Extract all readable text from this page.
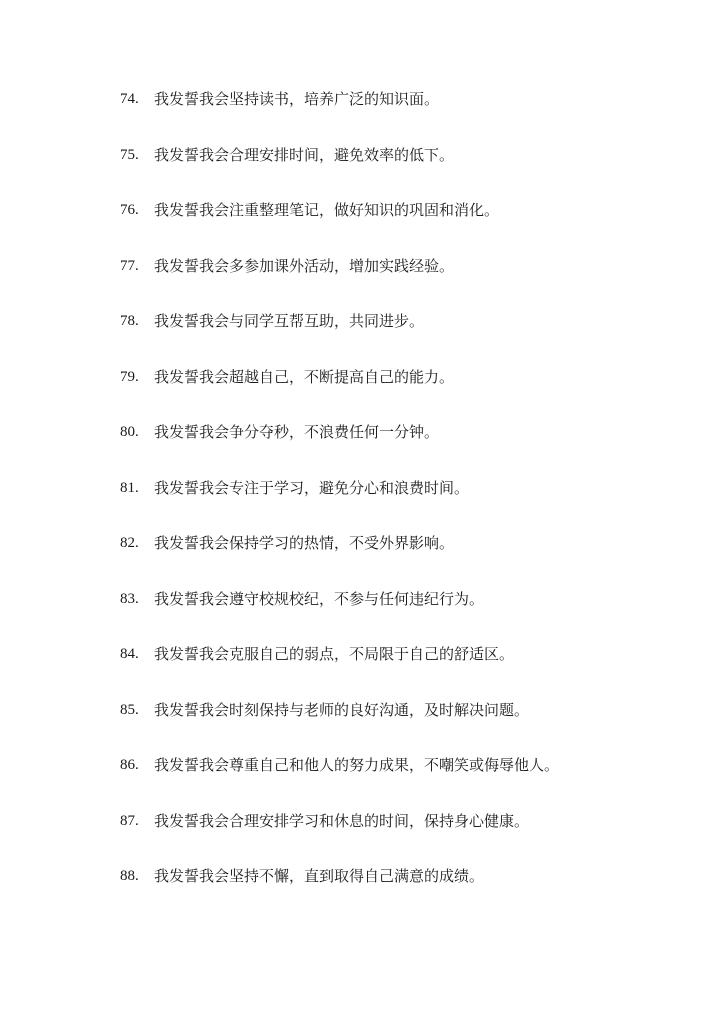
74.	我发誓我会坚持读书，培养广泛的知识面。
75.	我发誓我会合理安排时间，避免效率的低下。
76.	我发誓我会注重整理笔记，做好知识的巩固和消化。
77.	我发誓我会多参加课外活动，增加实践经验。
78.	我发誓我会与同学互帮互助，共同进步。
79.	我发誓我会超越自己，不断提高自己的能力。
80.	我发誓我会争分夺秒，不浪费任何一分钟。
81.	我发誓我会专注于学习，避免分心和浪费时间。
82.	我发誓我会保持学习的热情，不受外界影响。
83.	我发誓我会遵守校规校纪，不参与任何违纪行为。
84.	我发誓我会克服自己的弱点，不局限于自己的舒适区。
85.	我发誓我会时刻保持与老师的良好沟通，及时解决问题。
86.	我发誓我会尊重自己和他人的努力成果，不嘲笑或侮辱他人。
87.	我发誓我会合理安排学习和休息的时间，保持身心健康。
88.	我发誓我会坚持不懈，直到取得自己满意的成绩。
